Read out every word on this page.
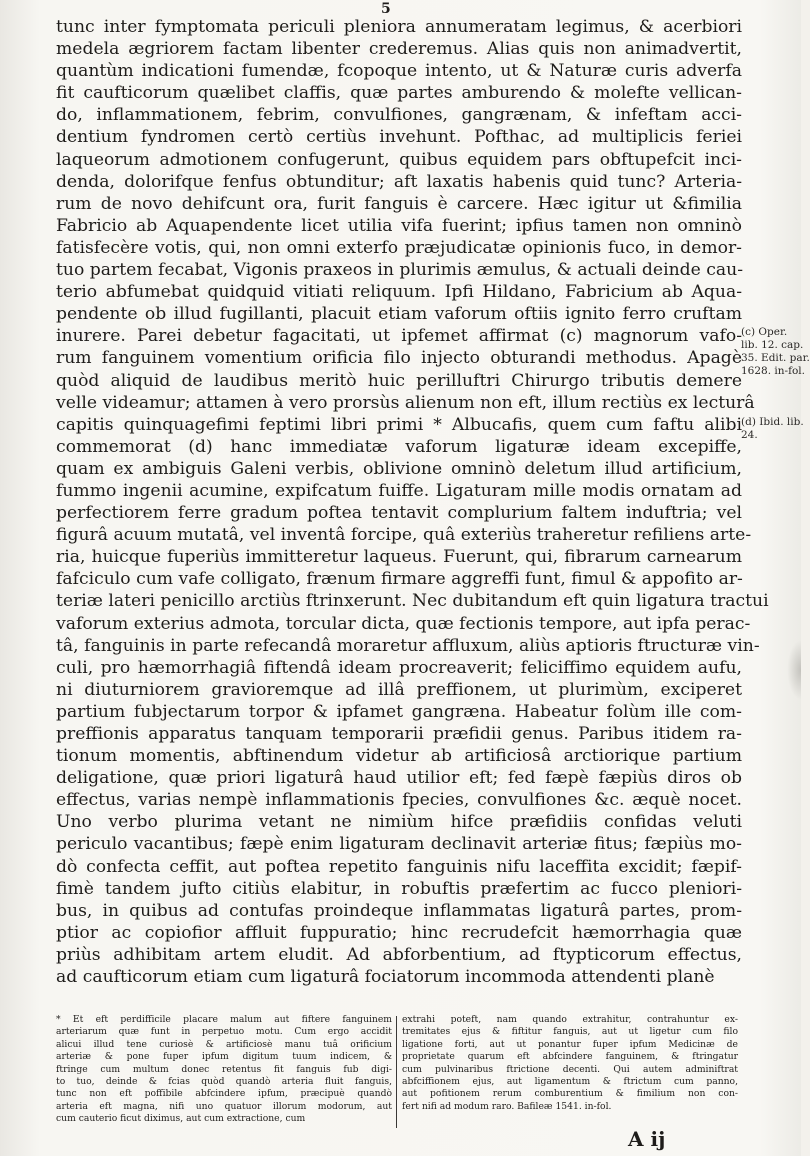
5
tunc inter fymptomata periculi pleniora annumeratam legimus, & acerbiori
medela ægriorem factam libenter crederemus. Alias quis non animadvertit,
quantùm indicationi fumendæ, fcopoque intento, ut & Naturæ curis adverfa
fit caufticorum quælibet claffis, quæ partes amburendo & molefte vellican-
do, inflammationem, febrim, convulfiones, gangrænam, & infeftam acci-
dentium fyndromen certò certiùs invehunt. Pofthac, ad multiplicis feriei
laqueorum admotionem confugerunt, quibus equidem pars obftupefcit inci-
denda, dolorifque fenfus obtunditur; aft laxatis habenis quid tunc? Arteria-
rum de novo dehifcunt ora, furit fanguis è carcere. Hæc igitur ut &fimilia
Fabricio ab Aquapendente licet utilia vifa fuerint; ipfius tamen non omninò
fatisfecère votis, qui, non omni exterfo præjudicatæ opinionis fuco, in demor-
tuo partem fecabat, Vigonis praxeos in plurimis æmulus, & actuali deinde cau-
terio abfumebat quidquid vitiati reliquum. Ipfi Hildano, Fabricium ab Aqua-
pendente ob illud fugillanti, placuit etiam vaforum oftiis ignito ferro cruftam
inurere. Parei debetur fagacitati, ut ipfemet affirmat (c) magnorum vafo-
rum fanguinem vomentium orificia filo injecto obturandi methodus. Apagè
quòd aliquid de laudibus meritò huic perilluftri Chirurgo tributis demere
velle videamur; attamen à vero prorsùs alienum non eft, illum rectiùs ex lecturâ
capitis quinquagefimi feptimi libri primi * Albucafis, quem cum faftu alibi
commemorat (d) hanc immediatæ vaforum ligaturæ ideam excepiffe,
quam ex ambiguis Galeni verbis, oblivione omninò deletum illud artificium,
fummo ingenii acumine, expifcatum fuiffe. Ligaturam mille modis ornatam ad
perfectiorem ferre gradum poftea tentavit complurium faltem induftria; vel
figurâ acuum mutatâ, vel inventâ forcipe, quâ exteriùs traheretur refiliens arte-
ria, huicque fuperiùs immitteretur laqueus. Fuerunt, qui, fibrarum carnearum
fafciculo cum vafe colligato, frænum firmare aggreffi funt, fimul & appofito ar-
teriæ lateri penicillo arctiùs ftrinxerunt. Nec dubitandum eft quin ligatura tractui
vaforum exterius admota, torcular dicta, quæ fectionis tempore, aut ipfa perac-
tâ, fanguinis in parte refecandâ moraretur affluxum, aliùs aptioris ftructuræ vin-
culi, pro hæmorrhagiâ fiftendâ ideam procreaverit; feliciffimo equidem aufu,
ni diuturniorem gravioremque ad illâ preffionem, ut plurimùm, exciperet
partium fubjectarum torpor & ipfamet gangræna. Habeatur folùm ille com-
preffionis apparatus tanquam temporarii præfidii genus. Paribus itidem ra-
tionum momentis, abftinendum videtur ab artificiosâ arctiorique partium
deligatione, quæ priori ligaturâ haud utilior eft; fed fæpè fæpiùs diros ob
effectus, varias nempè inflammationis fpecies, convulfiones &c. æquè nocet.
Uno verbo plurima vetant ne nimiùm hifce præfidiis confidas veluti
periculo vacantibus; fæpè enim ligaturam declinavit arteriæ fitus; fæpiùs mo-
dò confecta ceffit, aut poftea repetito fanguinis nifu laceffita excidit; fæpif-
fimè tandem jufto citiùs elabitur, in robuftis præfertim ac fucco pleniori-
bus, in quibus ad contufas proindeque inflammatas ligaturâ partes, prom-
ptior ac copiofior affluit fuppuratio; hinc recrudefcit hæmorrhagia quæ
priùs adhibitam artem eludit. Ad abforbentium, ad ftypticorum effectus,
ad caufticorum etiam cum ligaturâ fociatorum incommoda attendenti planè
(c) Oper.
lib. 12. cap.
35. Edit. par.
1628. in-fol.
(d) Ibid. lib.
24.
* Et eft perdifficile placare malum aut fiftere fanguinem
arteriarum quæ funt in perpetuo motu. Cum ergo accidit
alicui illud tene curiosè & artificiosè manu tuâ orificium
arteriæ & pone fuper ipfum digitum tuum indicem, &
ftringe cum multum donec retentus fit fanguis fub digi-
to tuo, deinde & fcias quòd quandò arteria fluit fanguis,
tunc non eft poffibile abfcindere ipfum, præcipuè quandò
arteria eft magna, nifi uno quatuor illorum modorum, aut
cum cauterio ficut diximus, aut cum extractione, cum
extrahi poteft, nam quando extrahitur, contrahuntur ex-
tremitates ejus & fiftitur fanguis, aut ut ligetur cum filo
ligatione forti, aut ut ponantur fuper ipfum Medicinæ de
proprietate quarum eft abfcindere fanguinem, & ftringatur
cum pulvinaribus ftrictione decenti. Qui autem adminiftrat
abfciffionem ejus, aut ligamentum & ftrictum cum panno,
aut pofitionem rerum comburentium & fimilium non con-
fert nifi ad modum raro. Bafileæ 1541. in-fol.
A ij
